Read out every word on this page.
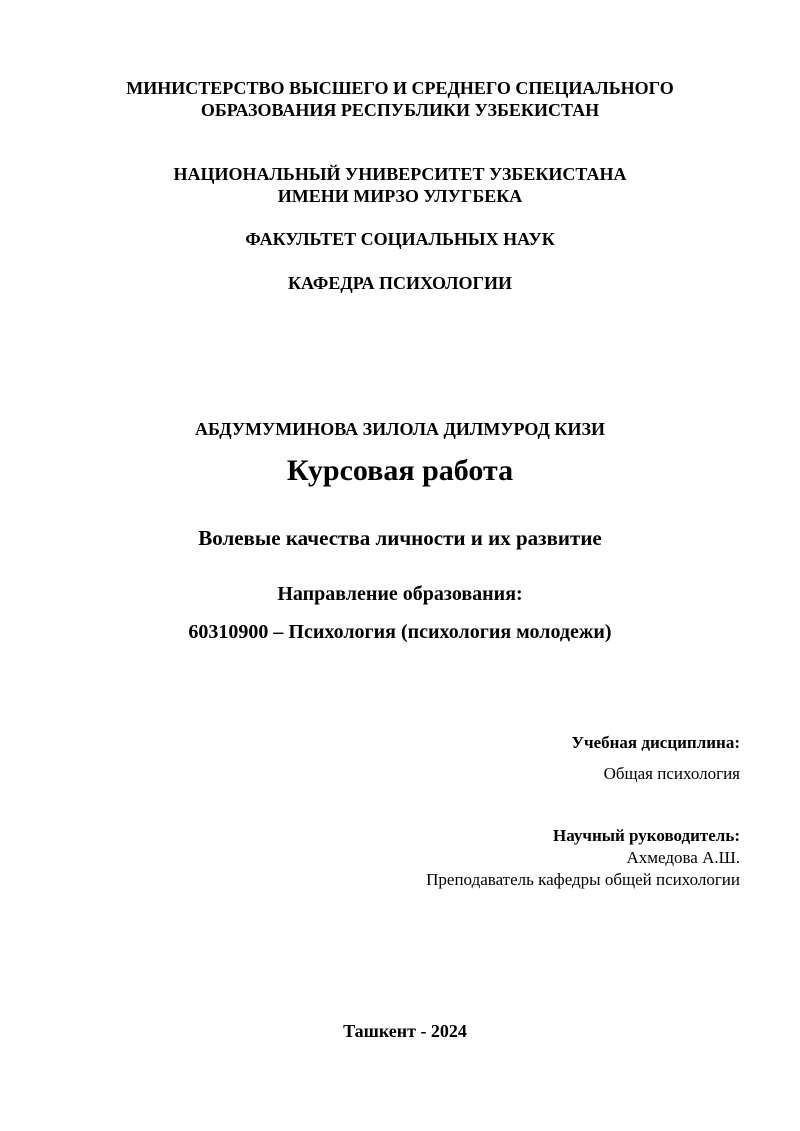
МИНИСТЕРСТВО ВЫСШЕГО И СРЕДНЕГО СПЕЦИАЛЬНОГО
ОБРАЗОВАНИЯ РЕСПУБЛИКИ УЗБЕКИСТАН
НАЦИОНАЛЬНЫЙ УНИВЕРСИТЕТ УЗБЕКИСТАНА
ИМЕНИ МИРЗО УЛУГБЕКА
ФАКУЛЬТЕТ СОЦИАЛЬНЫХ НАУК
КАФЕДРА ПСИХОЛОГИИ
АБДУМУМИНОВА ЗИЛОЛА ДИЛМУРОД КИЗИ
Курсовая работа
Волевые качества личности и их развитие
Направление образования:
60310900 – Психология (психология молодежи)
Учебная дисциплина:
Общая психология
Научный руководитель:
Ахмедова А.Ш.
Преподаватель кафедры общей психологии
Ташкент - 2024
